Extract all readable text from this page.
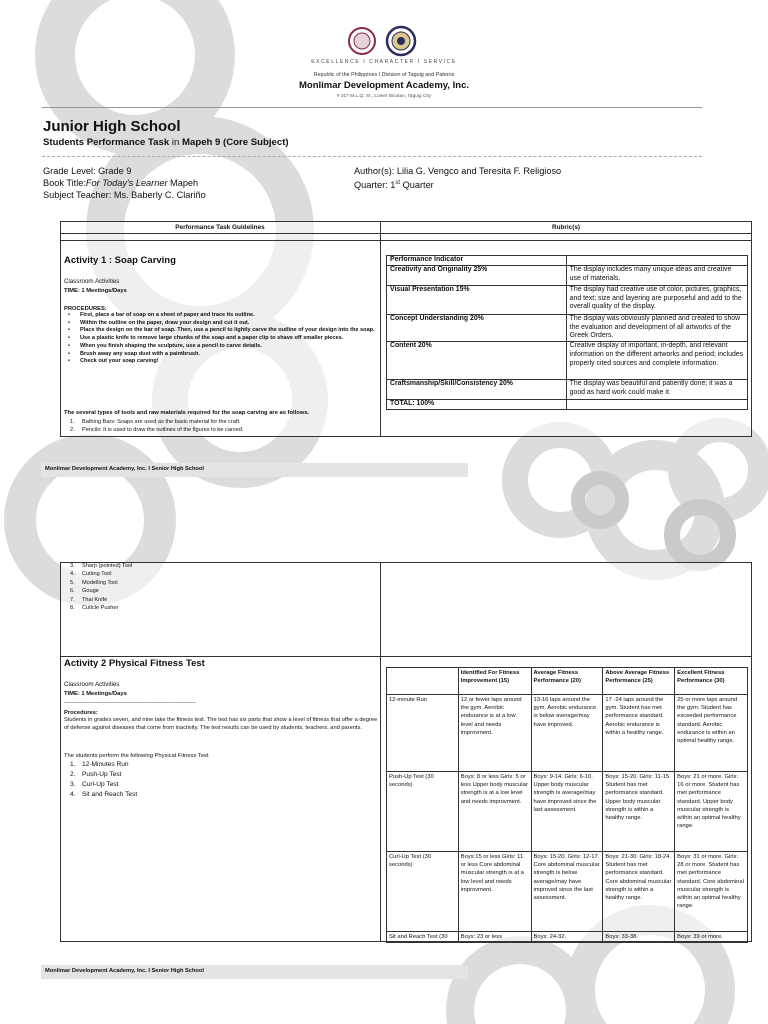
EXCELLENCE I CHARACTER I SERVICE
Republic of the Philippines I Division of Taguig and Pateros
Monlimar Development Academy, Inc.
# 317 M.L.Q. St., Lower Bicutan, Taguig City
Junior High School
Students Performance Task in Mapeh 9 (Core Subject)
Grade Level: Grade 9
Book Title:For Today's Learner Mapeh
Subject Teacher: Ms. Baberly C. Clariño
Author(s): Lilia G. Vengco and Teresita F. Religioso
Quarter: 1st Quarter
Performance Task Guidelines	Rubric(s)
Activity 1 : Soap Carving
Classroom Activities
TIME: 1 Meetings/Days
PROCEDURES:
• First, place a bar of soap on a sheet of paper and trace its outline.
• Within the outline on the paper, draw your design and cut it out.
• Place the design on the bar of soap. Then, use a pencil to lightly carve the outline of your design into the soap.
• Use a plastic knife to remove large chunks of the soap and a paper clip to shave off smaller pieces.
• When you finish shaping the sculpture, use a pencil to carve details.
• Brush away any soap dust with a paintbrush.
• Check out your soap carving!
The several types of tools and raw materials required for the soap carving are as follows.
1. Bathing Bars: Soaps are used as the basic material for the craft.
2. Pencils: It is used to draw the outlines of the figures to be carved.
Performance Indicator	
Creativity and Originality 25%	The display includes many unique ideas and creative use of materials.
Visual Presentation 15%	The display had creative use of color, pictures, graphics, and text; size and layering are purposeful and add to the overall quality of the display.
Concept Understanding 20%	The display was obviously planned and created to show the evaluation and development of all artworks of the Greek Orders.
Content 20%	Creative display of important, in-depth, and relevant information on the different artworks and period; includes properly cited sources and complete information.
Craftsmanship/Skill/Consistency 20%	The display was beautiful and patiently done; it was a good as hard work could make it.
TOTAL: 100%	
Monlimar Development Academy, Inc. I Senior High School
3. Sharp (pointed) Tool
4. Cutting Tool
5. Modelling Tool
6. Gouge
7. Thai Knife
8. Cuticle Pusher
Activity 2 Physical Fitness Test
Classroom Activities
TIME: 1 Meetings/Days
-----------------------------------------------------------------------
Procedures:
Students in grades seven, and nine take the fitness test. The test has six parts that show a level of fitness that offer a degree of defense against diseases that come from inactivity. The test results can be used by students, teachers, and parents.
The students perform the following Physical Fitness Test
1. 12-Minutes Run
2. Push-Up Test
3. Curl-Up Test
4. Sit and Reach Test
	Identified For Fitness Improvement (15)	Average Fitness Performance (20)	Above Average Fitness Performance (25)	Excellent Fitness Performance (30)
12-minute Run	12 or fewer laps around the gym. Aerobic endurance is at a low level and needs improvment.	13-16 laps around the gym. Aerobic endurance is below average/may have improved.	17 -24 laps around the gym. Student has met performance standard. Aerobic endurance is within a healthy range.	25 or more laps around the gym. Student has exceeded performance standard. Aerobic endurance is within an optimal healthy range.
Push-Up Test (30 seconds)	Boys: 8 or less Girls: 5 or less Upper body muscular strength is at a low level and needs improvment.	Boys: 9-14. Girls: 6-10. Upper body muscular strength is average/may have improved since the last assessment.	Boys: 15-20. Girls: 11-15. Student has met performance standard. Upper body muscular strength is within a healthy range.	Boys: 21 or more. Girls: 16 or more. Student has met performance standard. Upper body muscular strength is within an optimal healthy range.
Curl-Up Test (30 seconds)	Boys:15 or less Girls: 11 or less Core abdominal muscular strength is at a low level and needs improvment.	Boys: 15-20. Girls: 12-17. Core abdominal muscular strength is below average/may have improved since the last assessment.	Boys: 21-30. Girls: 18-24. Student has met performance standard. Core abdominal muscular strength is within a healthy range.	Boys: 31 or more. Girls: 28 or more. Student has met performance standard. Core abdominal muscular strength is within an optimal healthy range.
Sit and Reach Test (30	Boys: 23 or less	Boys: 24-32.	Boys: 33-38.	Boys: 39 or more.
Monlimar Development Academy, Inc. I Senior High School
